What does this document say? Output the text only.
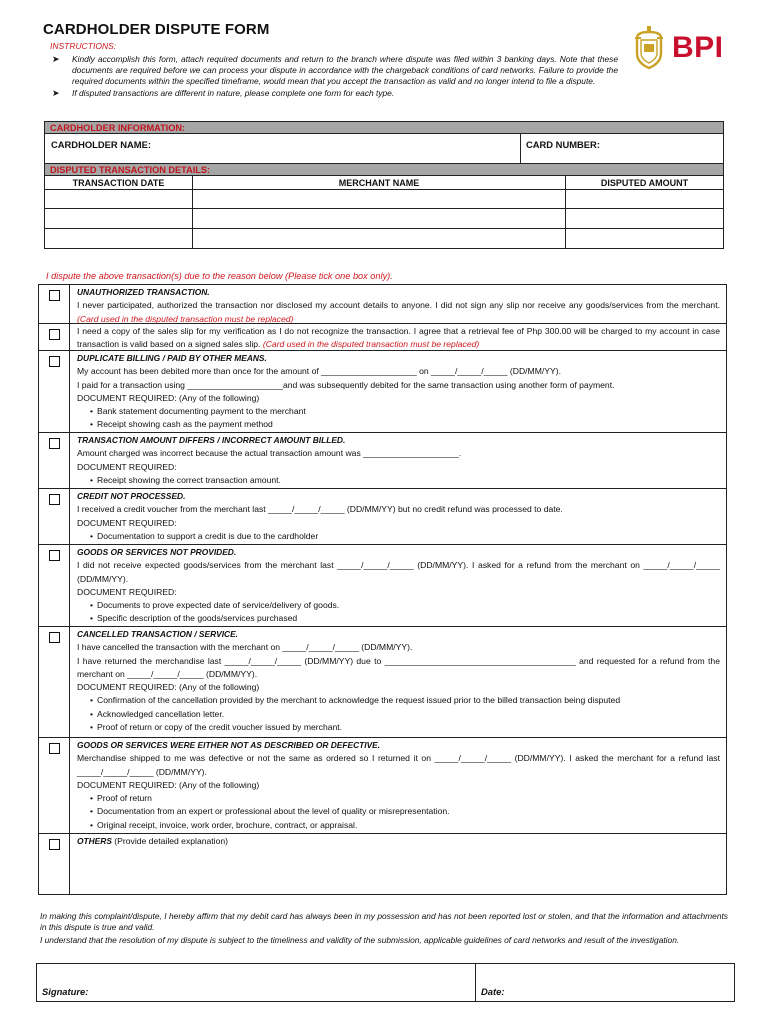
CARDHOLDER DISPUTE FORM
INSTRUCTIONS:
➤	Kindly accomplish this form, attach required documents and return to the branch where dispute was filed within 3 banking days. Note that these documents are required before we can process your dispute in accordance with the chargeback conditions of card networks. Failure to provide the required documents within the specified timeframe, would mean that you accept the transaction as valid and no longer intend to file a dispute.
➤	If disputed transactions are different in nature, please complete one form for each type.
BPI
CARDHOLDER INFORMATION:
CARDHOLDER NAME:	CARD NUMBER:
DISPUTED TRANSACTION DETAILS:
TRANSACTION DATE	MERCHANT NAME	DISPUTED AMOUNT
I dispute the above transaction(s) due to the reason below (Please tick one box only).
UNAUTHORIZED TRANSACTION.
I never participated, authorized the transaction nor disclosed my account details to anyone. I did not sign any slip nor receive any goods/services from the merchant. (Card used in the disputed transaction must be replaced)
I need a copy of the sales slip for my verification as I do not recognize the transaction. I agree that a retrieval fee of Php 300.00 will be charged to my account in case transaction is valid based on a signed sales slip. (Card used in the disputed transaction must be replaced)
DUPLICATE BILLING / PAID BY OTHER MEANS.
My account has been debited more than once for the amount of ____________________ on _____/_____/_____ (DD/MM/YY).
I paid for a transaction using ____________________and was subsequently debited for the same transaction using another form of payment.
DOCUMENT REQUIRED: (Any of the following)
• Bank statement documenting payment to the merchant
• Receipt showing cash as the payment method
TRANSACTION AMOUNT DIFFERS / INCORRECT AMOUNT BILLED.
Amount charged was incorrect because the actual transaction amount was ____________________.
DOCUMENT REQUIRED:
• Receipt showing the correct transaction amount.
CREDIT NOT PROCESSED.
I received a credit voucher from the merchant last _____/_____/_____ (DD/MM/YY) but no credit refund was processed to date.
DOCUMENT REQUIRED:
• Documentation to support a credit is due to the cardholder
GOODS OR SERVICES NOT PROVIDED.
I did not receive expected goods/services from the merchant last _____/_____/_____ (DD/MM/YY). I asked for a refund from the merchant on _____/_____/_____ (DD/MM/YY).
DOCUMENT REQUIRED:
• Documents to prove expected date of service/delivery of goods.
• Specific description of the goods/services purchased
CANCELLED TRANSACTION / SERVICE.
I have cancelled the transaction with the merchant on _____/_____/_____ (DD/MM/YY).
I have returned the merchandise last _____/_____/_____ (DD/MM/YY) due to ________________________________________ and requested for a refund from the merchant on _____/_____/_____ (DD/MM/YY).
DOCUMENT REQUIRED: (Any of the following)
• Confirmation of the cancellation provided by the merchant to acknowledge the request issued prior to the billed transaction being disputed
• Acknowledged cancellation letter.
• Proof of return or copy of the credit voucher issued by merchant.
GOODS OR SERVICES WERE EITHER NOT AS DESCRIBED OR DEFECTIVE.
Merchandise shipped to me was defective or not the same as ordered so I returned it on _____/_____/_____ (DD/MM/YY). I asked the merchant for a refund last _____/_____/_____ (DD/MM/YY).
DOCUMENT REQUIRED: (Any of the following)
• Proof of return
• Documentation from an expert or professional about the level of quality or misrepresentation.
• Original receipt, invoice, work order, brochure, contract, or appraisal.
OTHERS (Provide detailed explanation)

In making this complaint/dispute, I hereby affirm that my debit card has always been in my possession and has not been reported lost or stolen, and that the information and attachments in this dispute is true and valid.

I understand that the resolution of my dispute is subject to the timeliness and validity of the submission, applicable guidelines of card networks and result of the investigation.

Signature:	Date:
